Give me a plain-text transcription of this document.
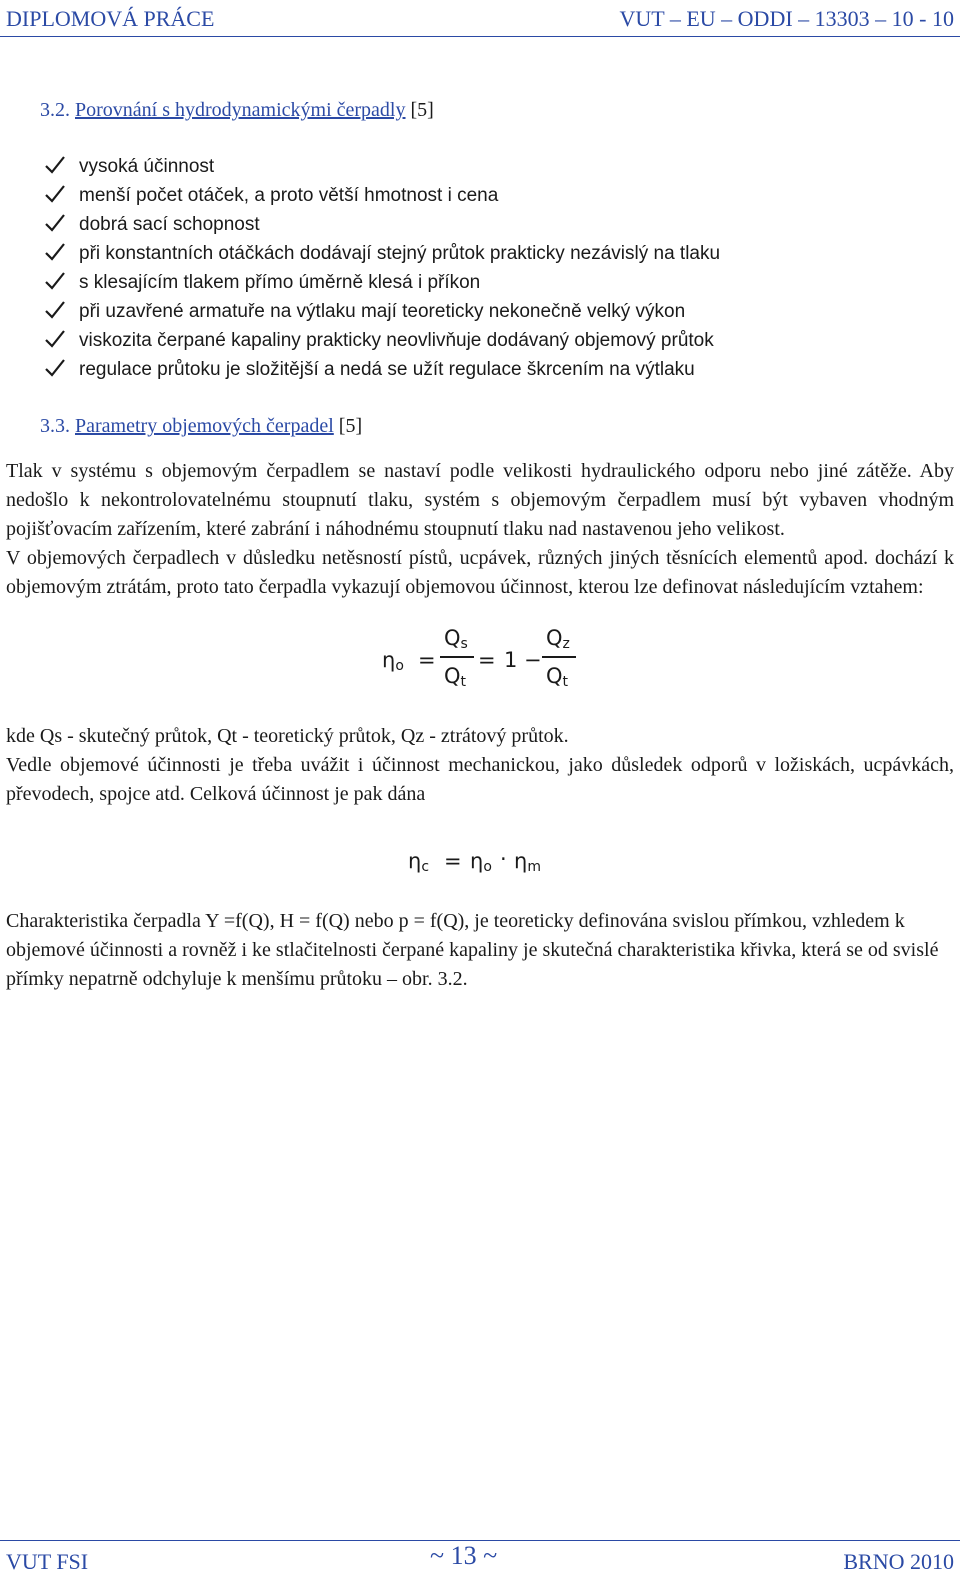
DIPLOMOVÁ PRÁCE	VUT – EU – ODDI – 13303 – 10 - 10
3.2. Porovnání s hydrodynamickými čerpadly [5]
vysoká účinnost
menší počet otáček, a proto větší hmotnost i cena
dobrá sací schopnost
při konstantních otáčkách dodávají stejný průtok prakticky nezávislý na tlaku
s klesajícím tlakem přímo úměrně klesá i příkon
při uzavřené armatuře na výtlaku mají teoreticky nekonečně velký výkon
viskozita čerpané kapaliny prakticky neovlivňuje dodávaný objemový průtok
regulace průtoku je složitější a nedá se užít regulace škrcením na výtlaku
3.3. Parametry objemových čerpadel [5]

Tlak v systému s objemovým čerpadlem se nastaví podle velikosti hydraulického odporu nebo jiné zátěže. Aby nedošlo k nekontrolovatelnému stoupnutí tlaku, systém s objemovým čerpadlem musí být vybaven vhodným pojišťovacím zařízením, které zabrání i náhodnému stoupnutí tlaku nad nastavenou jeho velikost.

V objemových čerpadlech v důsledku netěsností pístů, ucpávek, různých jiných těsnících elementů apod. dochází k objemovým ztrátám, proto tato čerpadla vykazují objemovou účinnost, kterou lze definovat následujícím vztahem:

$\eta_o$ =
$Q_s$
$Q_t$
= 1 −
$Q_z$
$Q_t$

kde Qs - skutečný průtok, Qt - teoretický průtok, Qz - ztrátový průtok.

Vedle objemové účinnosti je třeba uvážit i účinnost mechanickou, jako důsledek odporů v ložiskách, ucpávkách, převodech, spojce atd. Celková účinnost je pak dána

$\eta_c = \eta_o \cdot \eta_m$

Charakteristika čerpadla Y =f(Q), H = f(Q) nebo p = f(Q), je teoreticky definována svislou přímkou, vzhledem k objemové účinnosti a rovněž i ke stlačitelnosti čerpané kapaliny je skutečná charakteristika křivka, která se od svislé přímky nepatrně odchyluje k menšímu průtoku – obr. 3.2.

VUT FSI	~ 13 ~	BRNO 2010
